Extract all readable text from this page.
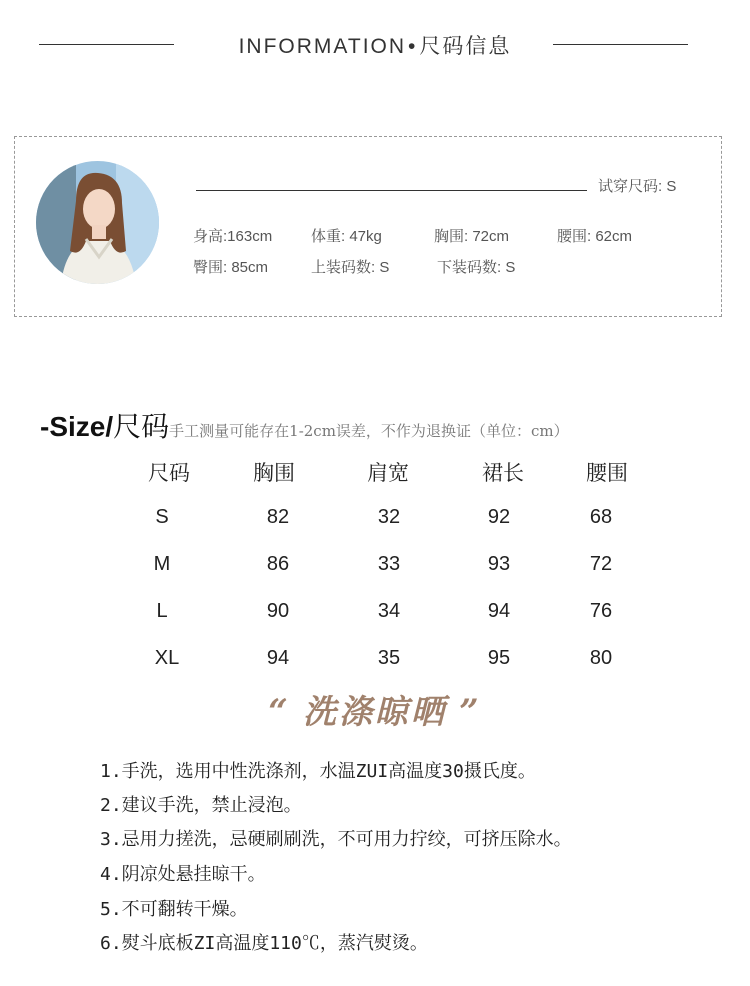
INFORMATION•尺码信息
试穿尺码: S
身高:163cm	体重: 47kg	胸围: 72cm	腰围: 62cm
臀围: 85cm	上装码数: S	下装码数: S
-Size/尺码手工测量可能存在1-2cm误差，不作为退换证（单位：cm）
尺码	胸围	肩宽	裙长	腰围
S	82	32	92	68
M	86	33	93	72
L	90	34	94	76
XL	94	35	95	80
“ 洗涤晾晒 ”
1.手洗，选用中性洗涤剂，水温ZUI高温度30摄氏度。
2.建议手洗，禁止浸泡。
3.忌用力搓洗，忌硬刷刷洗，不可用力拧绞，可挤压除水。
4.阴凉处悬挂晾干。
5.不可翻转干燥。
6.熨斗底板ZI高温度110℃，蒸汽熨烫。
